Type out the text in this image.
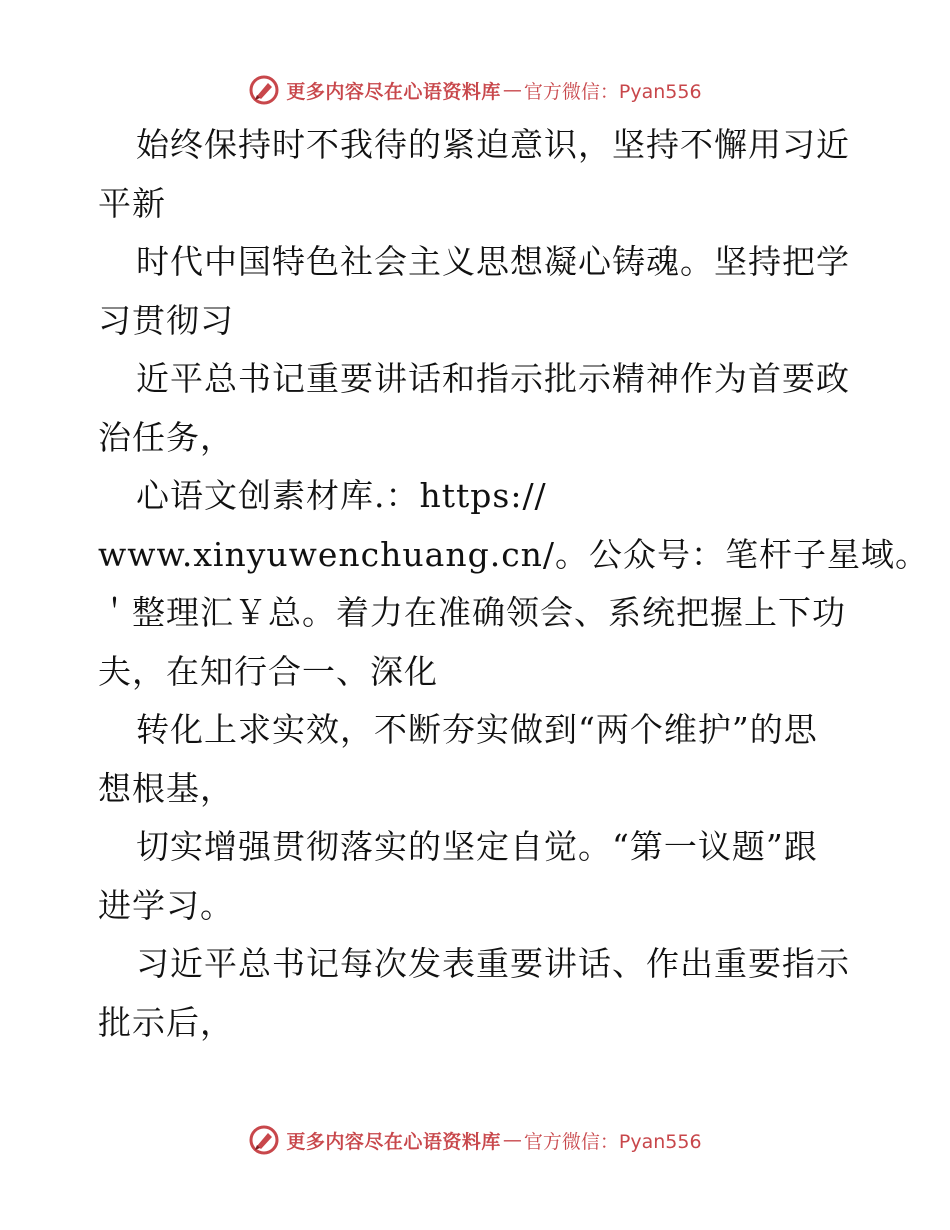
更多内容尽在心语资料库 — 官方微信：Pyan556
始终保持时不我待的紧迫意识，坚持不懈用习近
平新
时代中国特色社会主义思想凝心铸魂。坚持把学
习贯彻习
近平总书记重要讲话和指示批示精神作为首要政
治任务，
心语文创素材库.：https://
www.xinyuwenchuang.cn/。公众号：笔杆子星域。
＇整理汇￥总。着力在准确领会、系统把握上下功
夫，在知行合一、深化
转化上求实效，不断夯实做到“两个维护”的思
想根基，
切实增强贯彻落实的坚定自觉。“第一议题”跟
进学习。
习近平总书记每次发表重要讲话、作出重要指示
批示后，
更多内容尽在心语资料库 — 官方微信：Pyan556
